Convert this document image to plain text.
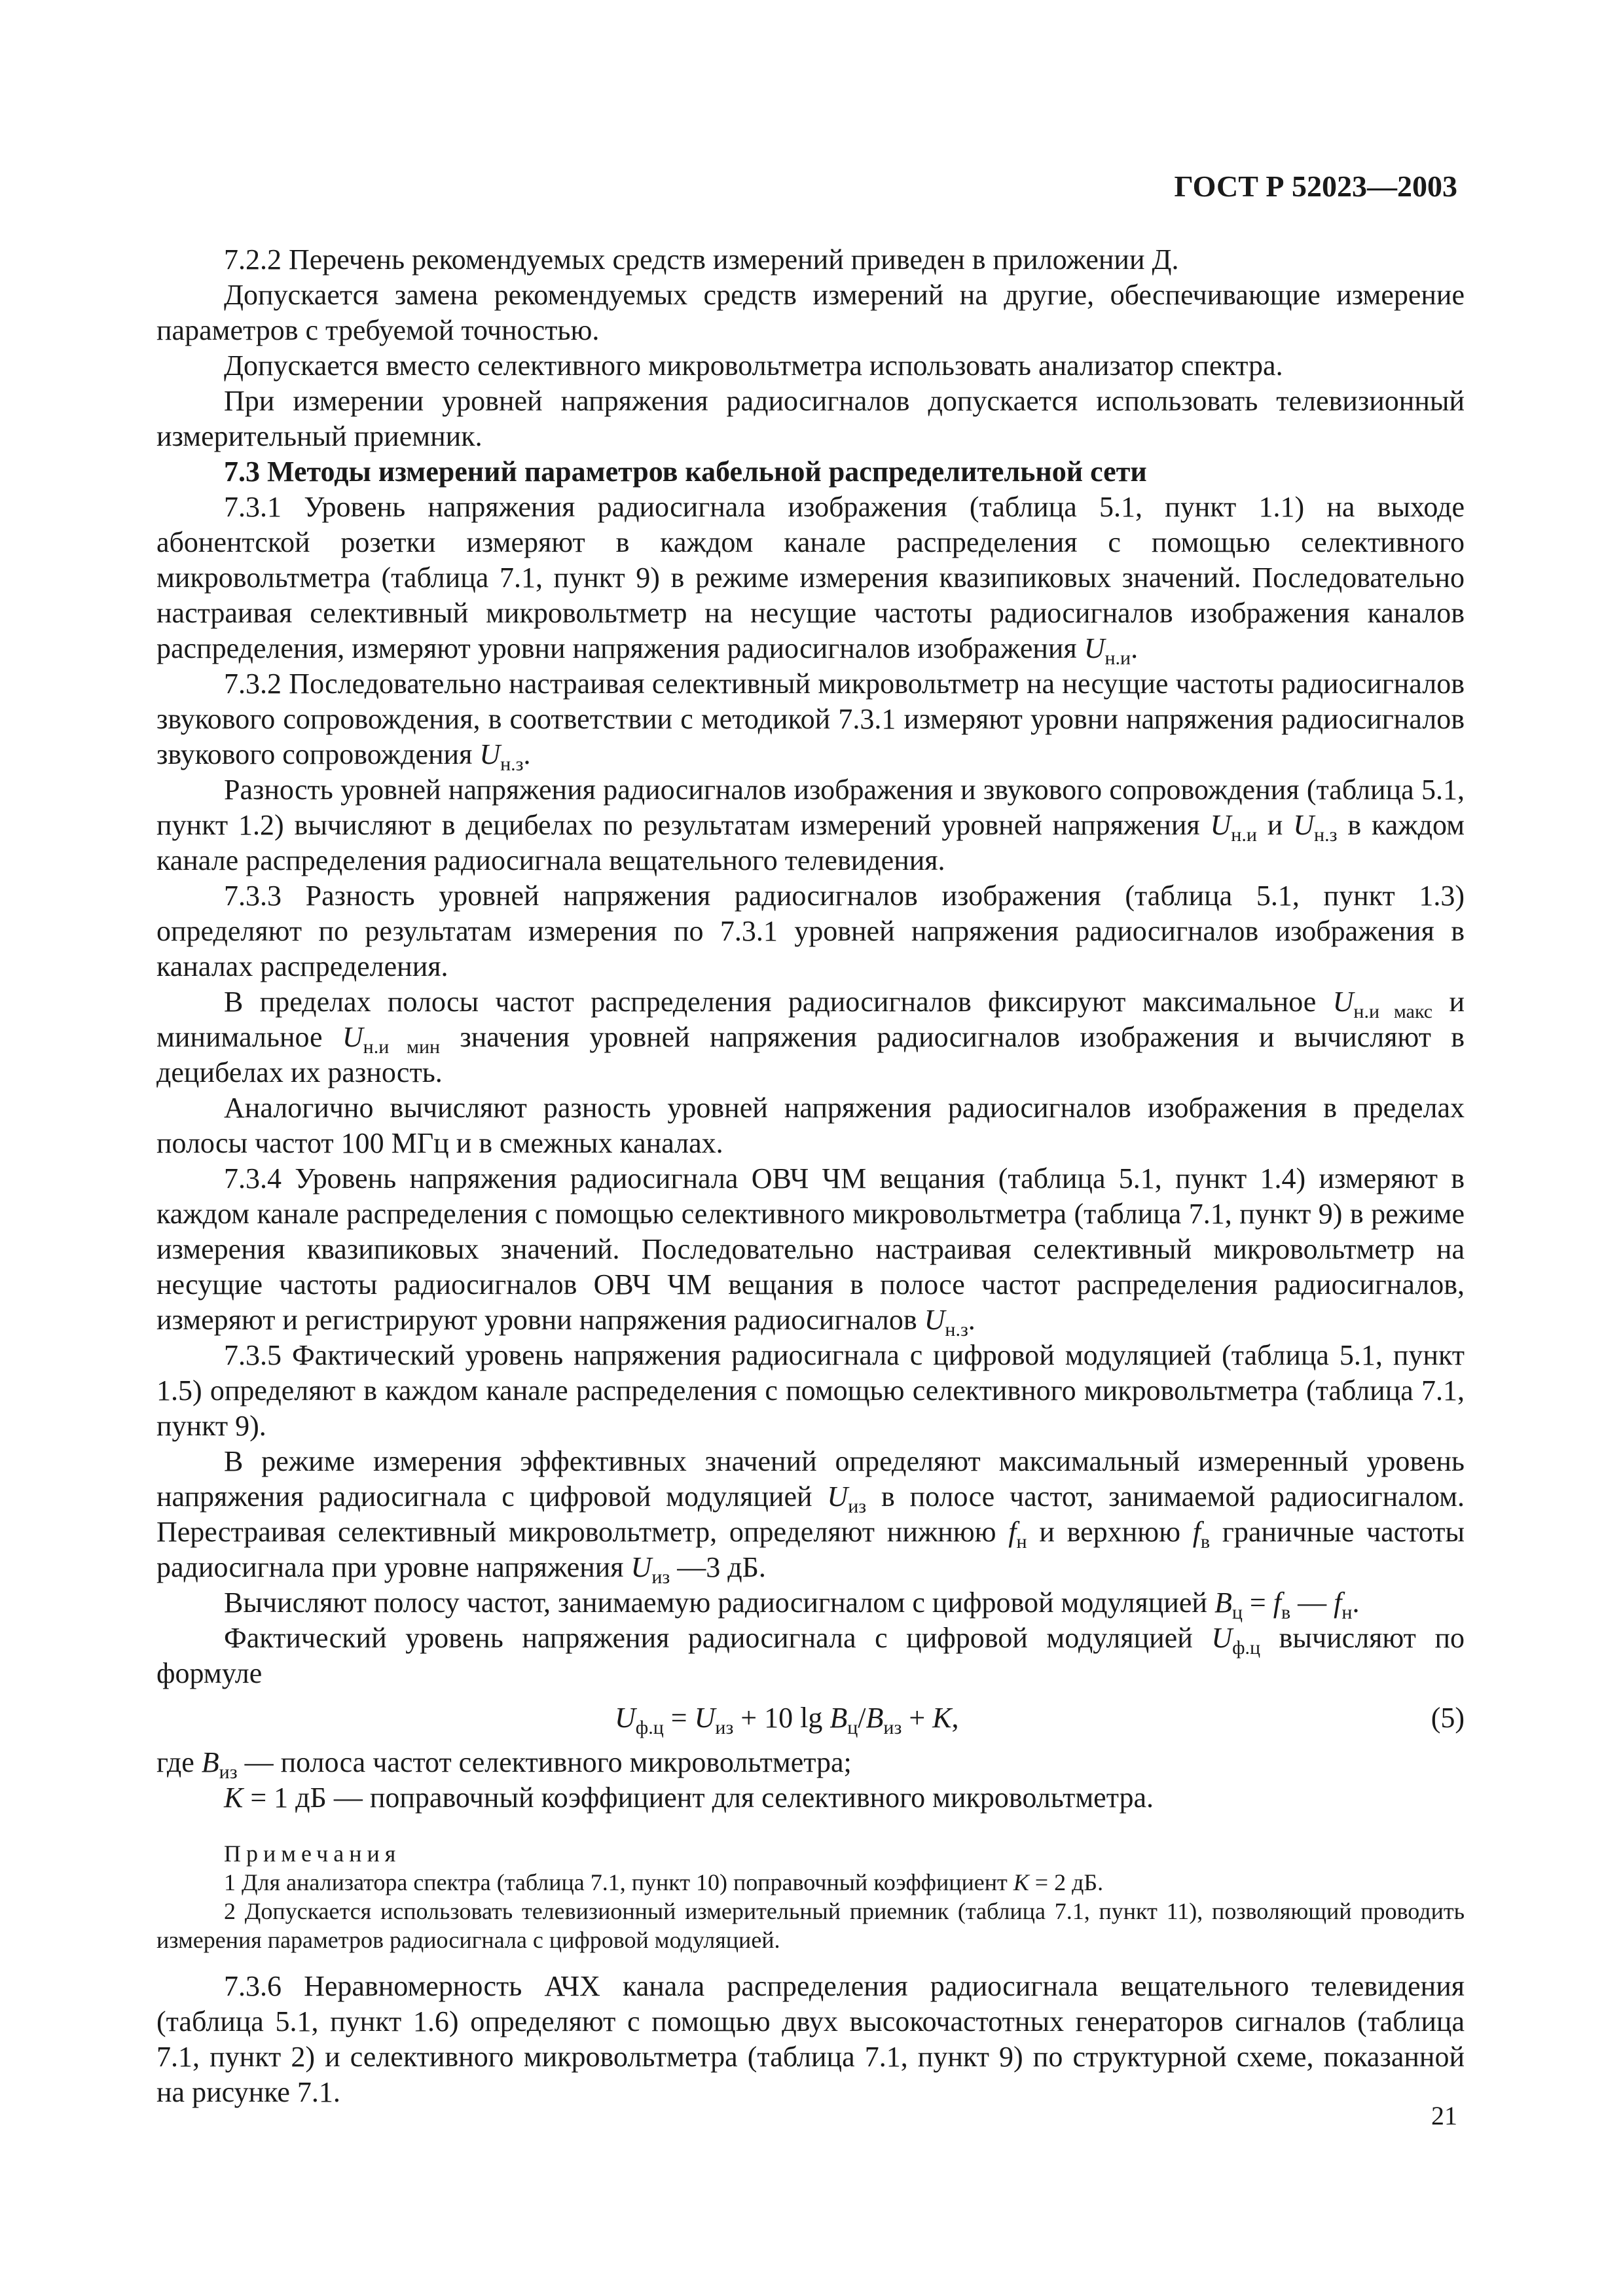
ГОСТ Р 52023—2003

7.2.2 Перечень рекомендуемых средств измерений приведен в приложении Д.

Допускается замена рекомендуемых средств измерений на другие, обеспечивающие измерение параметров с требуемой точностью.

Допускается вместо селективного микровольтметра использовать анализатор спектра.

При измерении уровней напряжения радиосигналов допускается использовать телевизионный измерительный приемник.

7.3 Методы измерений параметров кабельной распределительной сети

7.3.1 Уровень напряжения радиосигнала изображения (таблица 5.1, пункт 1.1) на выходе абонентской розетки измеряют в каждом канале распределения с помощью селективного микровольтметра (таблица 7.1, пункт 9) в режиме измерения квазипиковых значений. Последовательно настраивая селективный микровольтметр на несущие частоты радиосигналов изображения каналов распределения, измеряют уровни напряжения радиосигналов изображения $U_{н.и}$.

7.3.2 Последовательно настраивая селективный микровольтметр на несущие частоты радиосигналов звукового сопровождения, в соответствии с методикой 7.3.1 измеряют уровни напряжения радиосигналов звукового сопровождения $U_{н.з}$.

Разность уровней напряжения радиосигналов изображения и звукового сопровождения (таблица 5.1, пункт 1.2) вычисляют в децибелах по результатам измерений уровней напряжения $U_{н.и}$ и $U_{н.з}$ в каждом канале распределения радиосигнала вещательного телевидения.

7.3.3 Разность уровней напряжения радиосигналов изображения (таблица 5.1, пункт 1.3) определяют по результатам измерения по 7.3.1 уровней напряжения радиосигналов изображения в каналах распределения.

В пределах полосы частот распределения радиосигналов фиксируют максимальное $U_{н.и макс}$ и минимальное $U_{н.и мин}$ значения уровней напряжения радиосигналов изображения и вычисляют в децибелах их разность.

Аналогично вычисляют разность уровней напряжения радиосигналов изображения в пределах полосы частот 100 МГц и в смежных каналах.

7.3.4 Уровень напряжения радиосигнала ОВЧ ЧМ вещания (таблица 5.1, пункт 1.4) измеряют в каждом канале распределения с помощью селективного микровольтметра (таблица 7.1, пункт 9) в режиме измерения квазипиковых значений. Последовательно настраивая селективный микровольтметр на несущие частоты радиосигналов ОВЧ ЧМ вещания в полосе частот распределения радиосигналов, измеряют и регистрируют уровни напряжения радиосигналов $U_{н.з}$.

7.3.5 Фактический уровень напряжения радиосигнала с цифровой модуляцией (таблица 5.1, пункт 1.5) определяют в каждом канале распределения с помощью селективного микровольтметра (таблица 7.1, пункт 9).

В режиме измерения эффективных значений определяют максимальный измеренный уровень напряжения радиосигнала с цифровой модуляцией $U_{из}$ в полосе частот, занимаемой радиосигналом. Перестраивая селективный микровольтметр, определяют нижнюю $f_н$ и верхнюю $f_в$ граничные частоты радиосигнала при уровне напряжения $U_{из}$ —3 дБ.

Вычисляют полосу частот, занимаемую радиосигналом с цифровой модуляцией $B_ц = f_в$ — $f_н$.

Фактический уровень напряжения радиосигнала с цифровой модуляцией $U_{ф.ц}$ вычисляют по формуле

$U_{ф.ц} = U_{из} + 10$ $\lg B_ц/B_{из} + K$,	(5)

где $B_{из}$ — полоса частот селективного микровольтметра;

K = 1 дБ — поправочный коэффициент для селективного микровольтметра.

Примечания

1 Для анализатора спектра (таблица 7.1, пункт 10) поправочный коэффициент K = 2 дБ.

2 Допускается использовать телевизионный измерительный приемник (таблица 7.1, пункт 11), позволяющий проводить измерения параметров радиосигнала с цифровой модуляцией.

7.3.6 Неравномерность АЧХ канала распределения радиосигнала вещательного телевидения (таблица 5.1, пункт 1.6) определяют с помощью двух высокочастотных генераторов сигналов (таблица 7.1, пункт 2) и селективного микровольтметра (таблица 7.1, пункт 9) по структурной схеме, показанной на рисунке 7.1.

21
